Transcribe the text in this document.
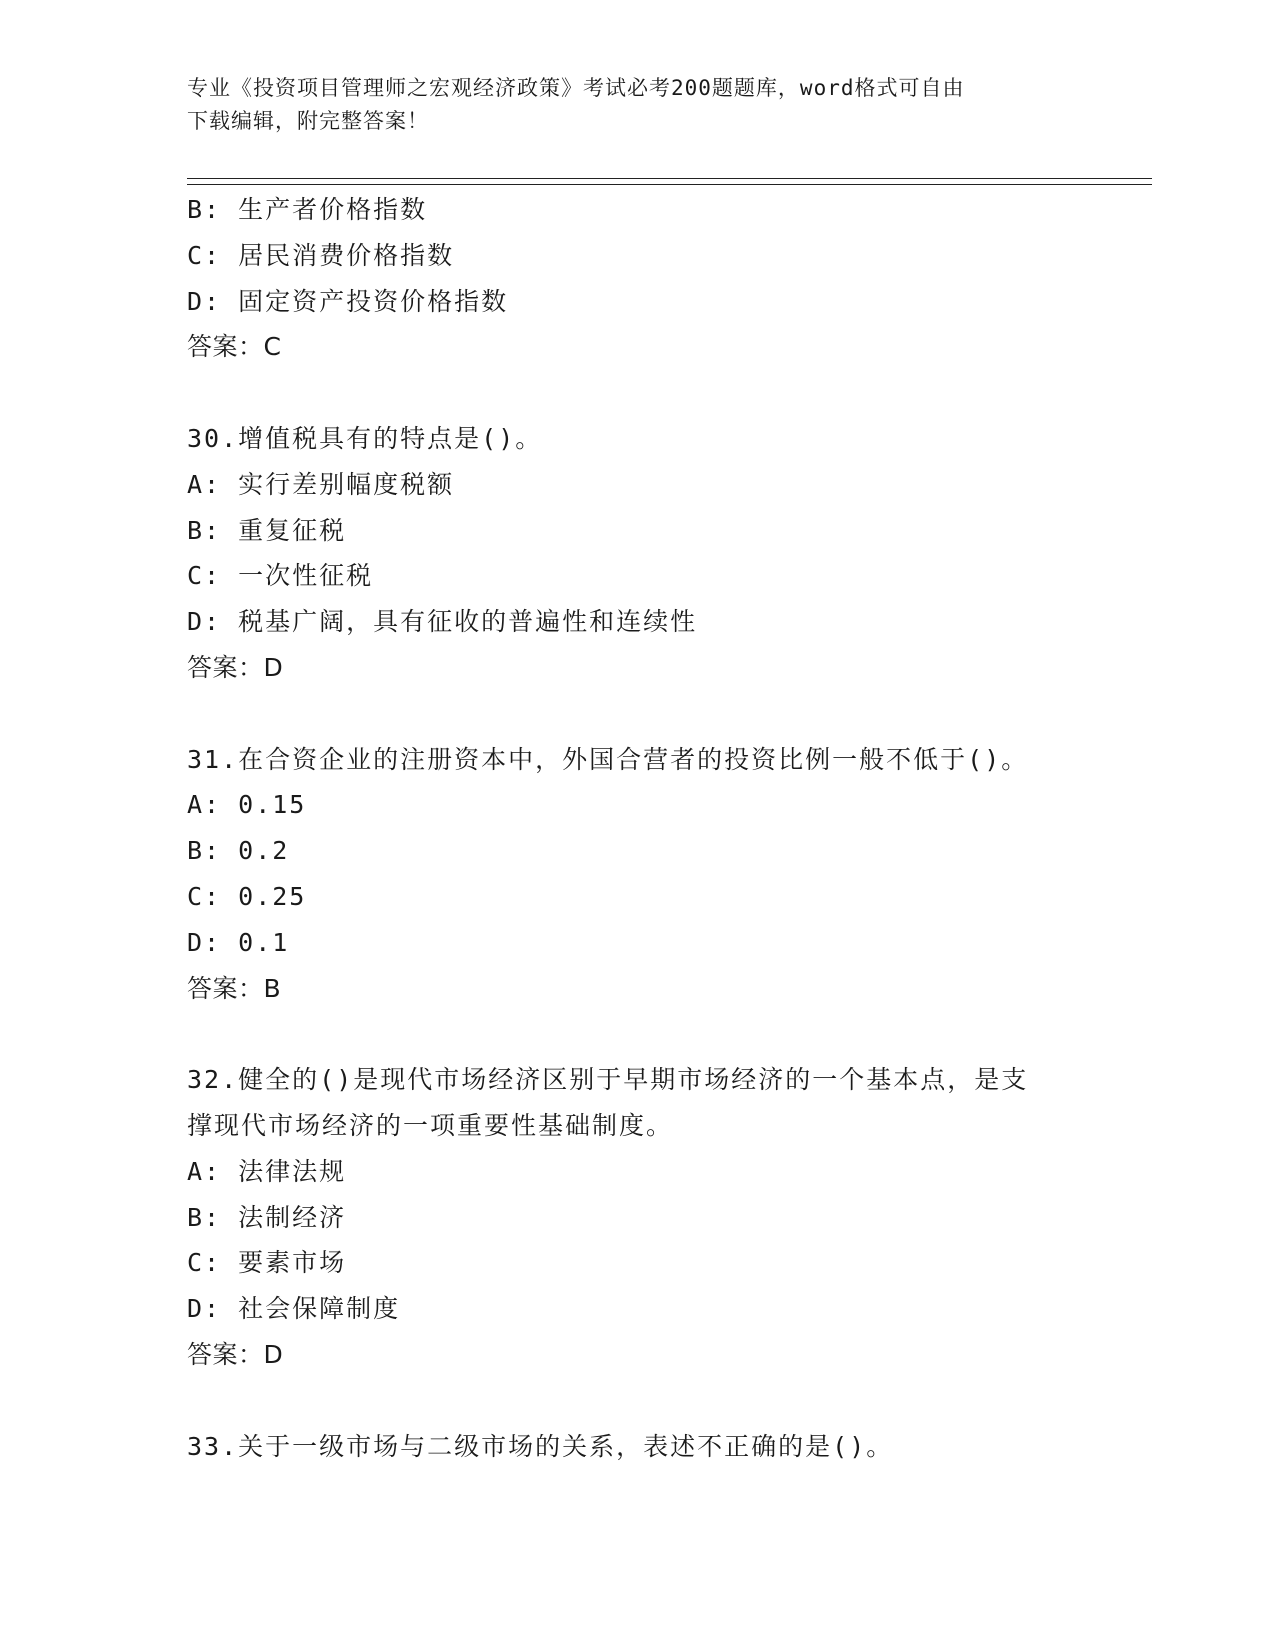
专业《投资项目管理师之宏观经济政策》考试必考200题题库，word格式可自由
下载编辑，附完整答案！
B: 生产者价格指数
C: 居民消费价格指数
D: 固定资产投资价格指数
答案：C
30.增值税具有的特点是()。
A: 实行差别幅度税额
B: 重复征税
C: 一次性征税
D: 税基广阔，具有征收的普遍性和连续性
答案：D
31.在合资企业的注册资本中，外国合营者的投资比例一般不低于()。
A: 0.15
B: 0.2
C: 0.25
D: 0.1
答案：B
32.健全的()是现代市场经济区别于早期市场经济的一个基本点，是支
撑现代市场经济的一项重要性基础制度。
A: 法律法规
B: 法制经济
C: 要素市场
D: 社会保障制度
答案：D
33.关于一级市场与二级市场的关系，表述不正确的是()。
